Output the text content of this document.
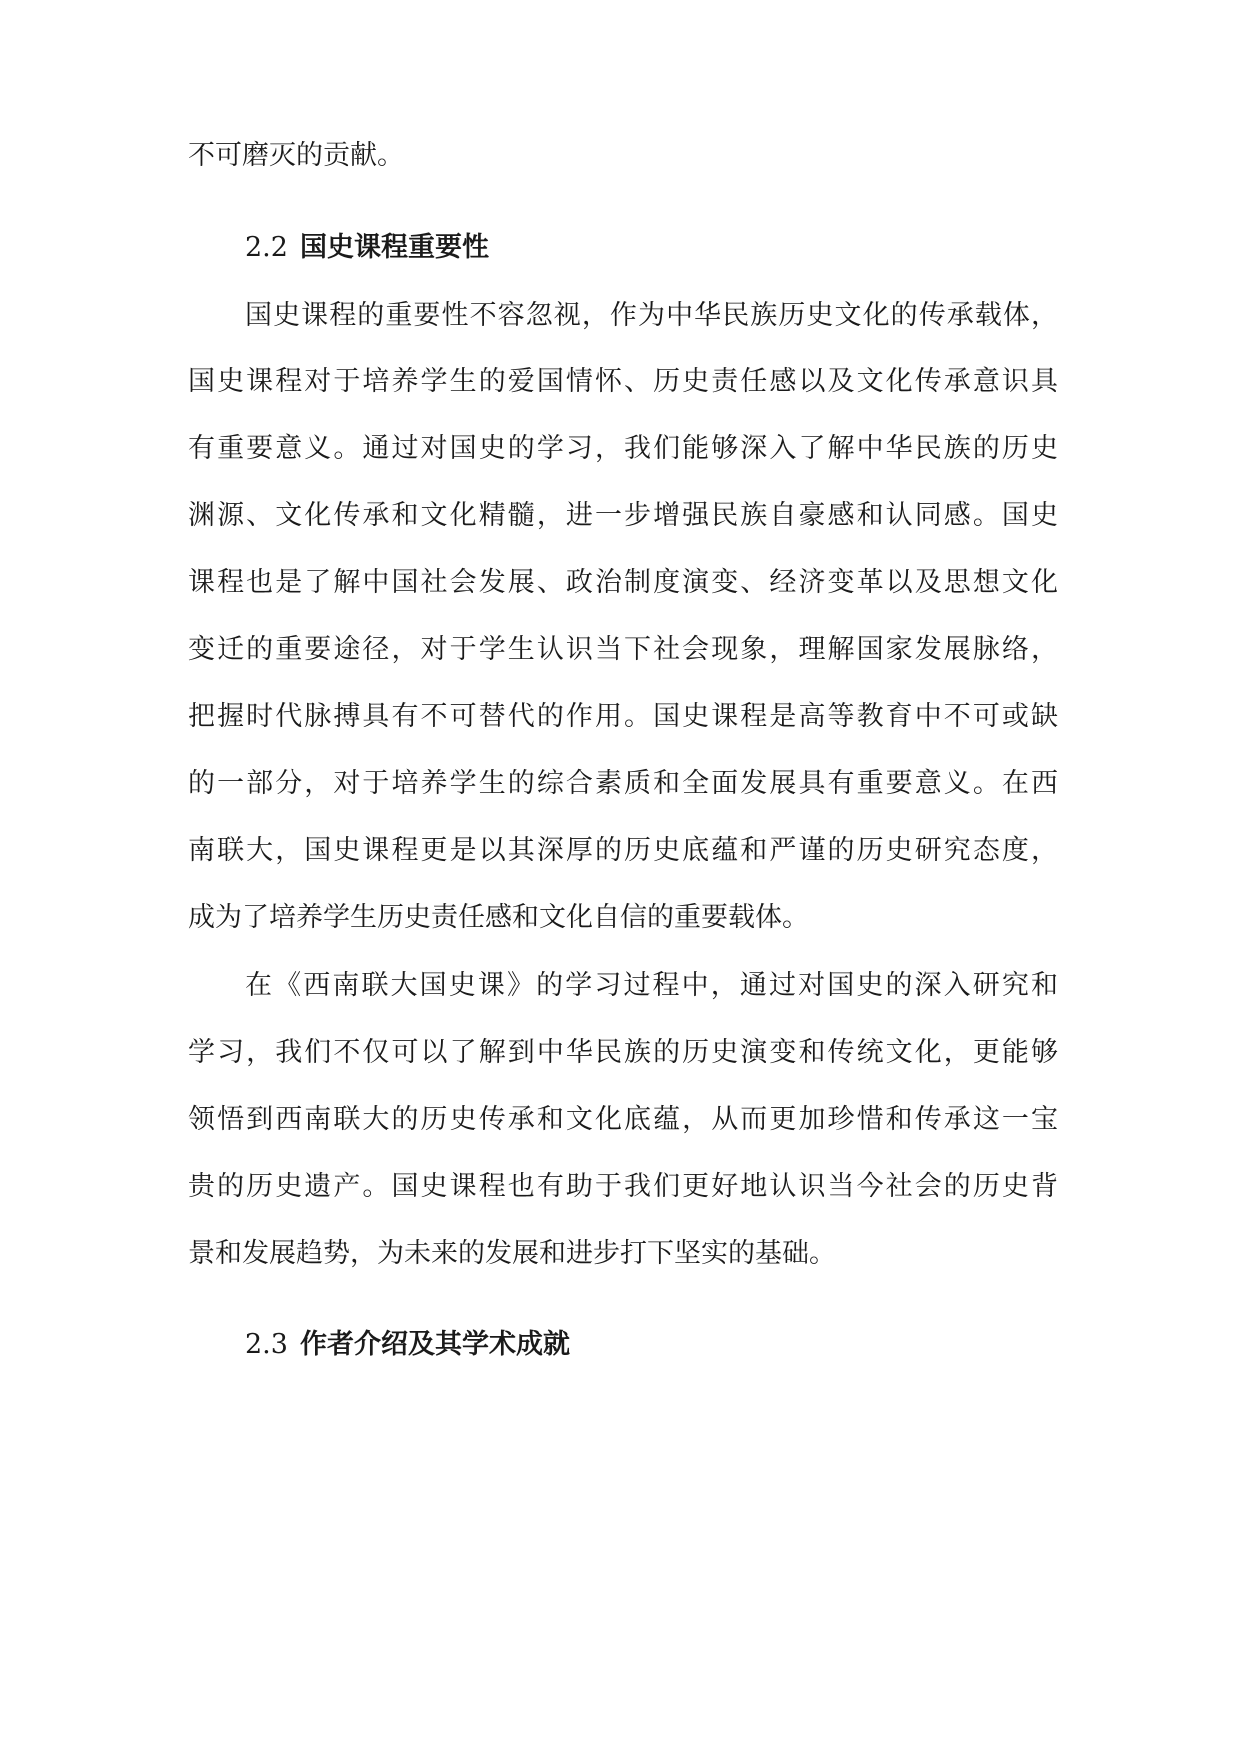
不可磨灭的贡献。
2.2 国史课程重要性
国史课程的重要性不容忽视，作为中华民族历史文化的传承载体，
国史课程对于培养学生的爱国情怀、历史责任感以及文化传承意识具
有重要意义。通过对国史的学习，我们能够深入了解中华民族的历史
渊源、文化传承和文化精髓，进一步增强民族自豪感和认同感。国史
课程也是了解中国社会发展、政治制度演变、经济变革以及思想文化
变迁的重要途径，对于学生认识当下社会现象，理解国家发展脉络，
把握时代脉搏具有不可替代的作用。国史课程是高等教育中不可或缺
的一部分，对于培养学生的综合素质和全面发展具有重要意义。在西
南联大，国史课程更是以其深厚的历史底蕴和严谨的历史研究态度，
成为了培养学生历史责任感和文化自信的重要载体。
在《西南联大国史课》的学习过程中，通过对国史的深入研究和
学习，我们不仅可以了解到中华民族的历史演变和传统文化，更能够
领悟到西南联大的历史传承和文化底蕴，从而更加珍惜和传承这一宝
贵的历史遗产。国史课程也有助于我们更好地认识当今社会的历史背
景和发展趋势，为未来的发展和进步打下坚实的基础。
2.3 作者介绍及其学术成就
